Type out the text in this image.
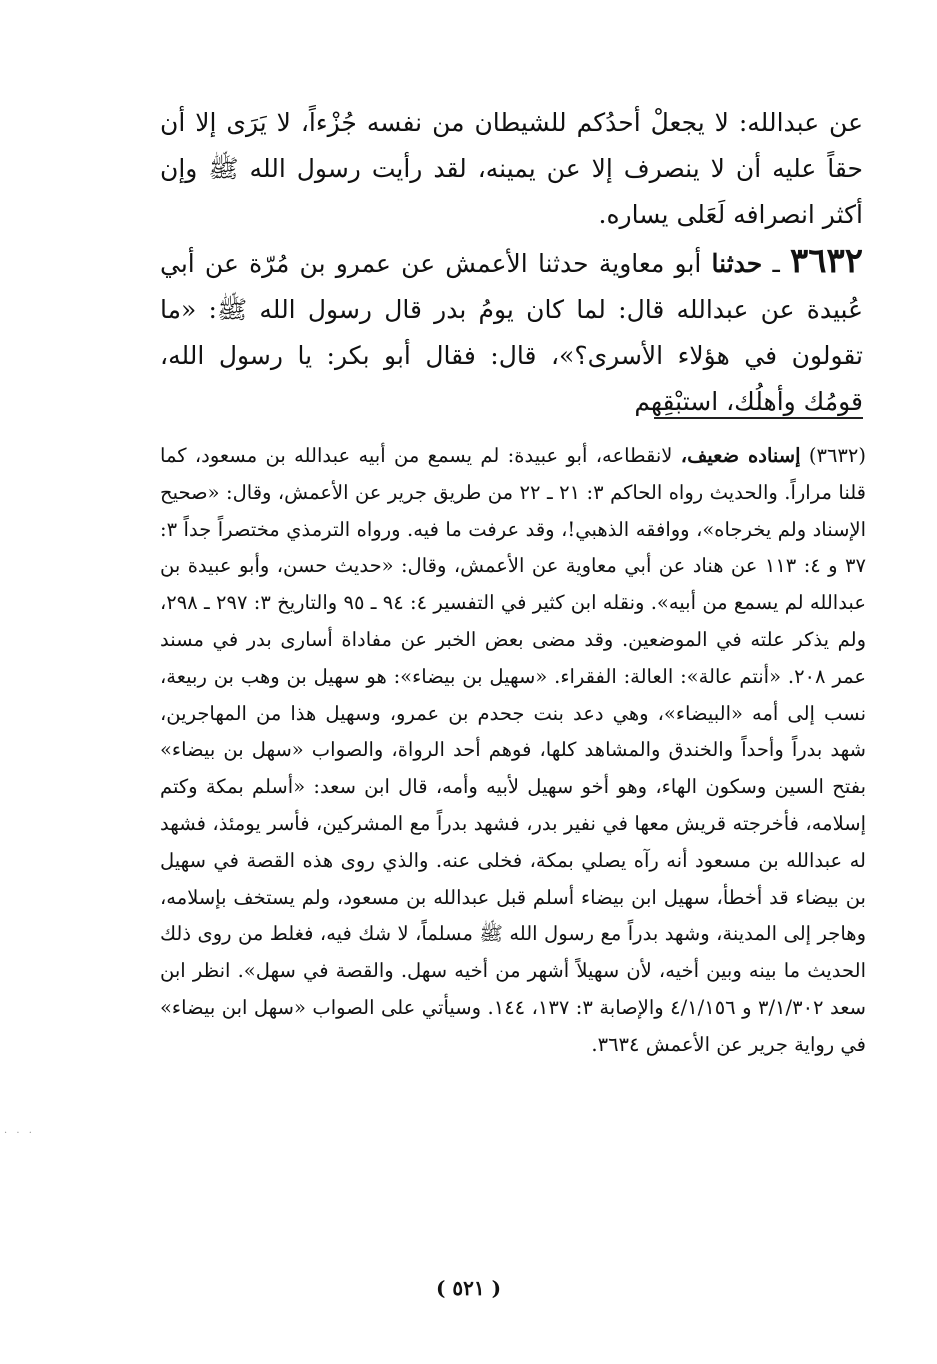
عن عبدالله: لا يجعلْ أحدُكم للشيطان من نفسه جُزْءاً، لا يَرَى إلا أن حقاً عليه أن لا ينصرف إلا عن يمينه، لقد رأيت رسول الله ﷺ وإن أكثر انصرافه لَعَلى يساره.

٣٦٣٢ ـ حدثنا أبو معاوية حدثنا الأعمش عن عمرو بن مُرّة عن أبي عُبيدة عن عبدالله قال: لما كان يومُ بدر قال رسول الله ﷺ: «ما تقولون في هؤلاء الأسرى؟»، قال: فقال أبو بكر: يا رسول الله، قومُك وأهلُك، استبْقِهم

(٣٦٣٢) إسناده ضعيف، لانقطاعه، أبو عبيدة: لم يسمع من أبيه عبدالله بن مسعود، كما قلنا مراراً. والحديث رواه الحاكم ٣: ٢١ ـ ٢٢ من طريق جرير عن الأعمش، وقال: «صحيح الإسناد ولم يخرجاه»، ووافقه الذهبي!، وقد عرفت ما فيه. ورواه الترمذي مختصراً جداً ٣: ٣٧ و ٤: ١١٣ عن هناد عن أبي معاوية عن الأعمش، وقال: «حديث حسن، وأبو عبيدة بن عبدالله لم يسمع من أبيه». ونقله ابن كثير في التفسير ٤: ٩٤ ـ ٩٥ والتاريخ ٣: ٢٩٧ ـ ٢٩٨، ولم يذكر علته في الموضعين. وقد مضى بعض الخبر عن مفاداة أسارى بدر في مسند عمر ٢٠٨. «أنتم عالة»: العالة: الفقراء. «سهيل بن بيضاء»: هو سهيل بن وهب بن ربيعة، نسب إلى أمه «البيضاء»، وهي دعد بنت جحدم بن عمرو، وسهيل هذا من المهاجرين، شهد بدراً وأحداً والخندق والمشاهد كلها، فوهم أحد الرواة، والصواب «سهل بن بيضاء» بفتح السين وسكون الهاء، وهو أخو سهيل لأبيه وأمه، قال ابن سعد: «أسلم بمكة وكتم إسلامه، فأخرجته قريش معها في نفير بدر، فشهد بدراً مع المشركين، فأسر يومئذ، فشهد له عبدالله بن مسعود أنه رآه يصلي بمكة، فخلى عنه. والذي روى هذه القصة في سهيل بن بيضاء قد أخطأ، سهيل ابن بيضاء أسلم قبل عبدالله بن مسعود، ولم يستخف بإسلامه، وهاجر إلى المدينة، وشهد بدراً مع رسول الله ﷺ مسلماً، لا شك فيه، فغلط من روى ذلك الحديث ما بينه وبين أخيه، لأن سهيلاً أشهر من أخيه سهل. والقصة في سهل». انظر ابن سعد ٣/١/٣٠٢ و ٤/١/١٥٦ والإصابة ٣: ١٣٧، ١٤٤. وسيأتي على الصواب «سهل ابن بيضاء» في رواية جرير عن الأعمش ٣٦٣٤.

( ٥٢١ )
· · ·
